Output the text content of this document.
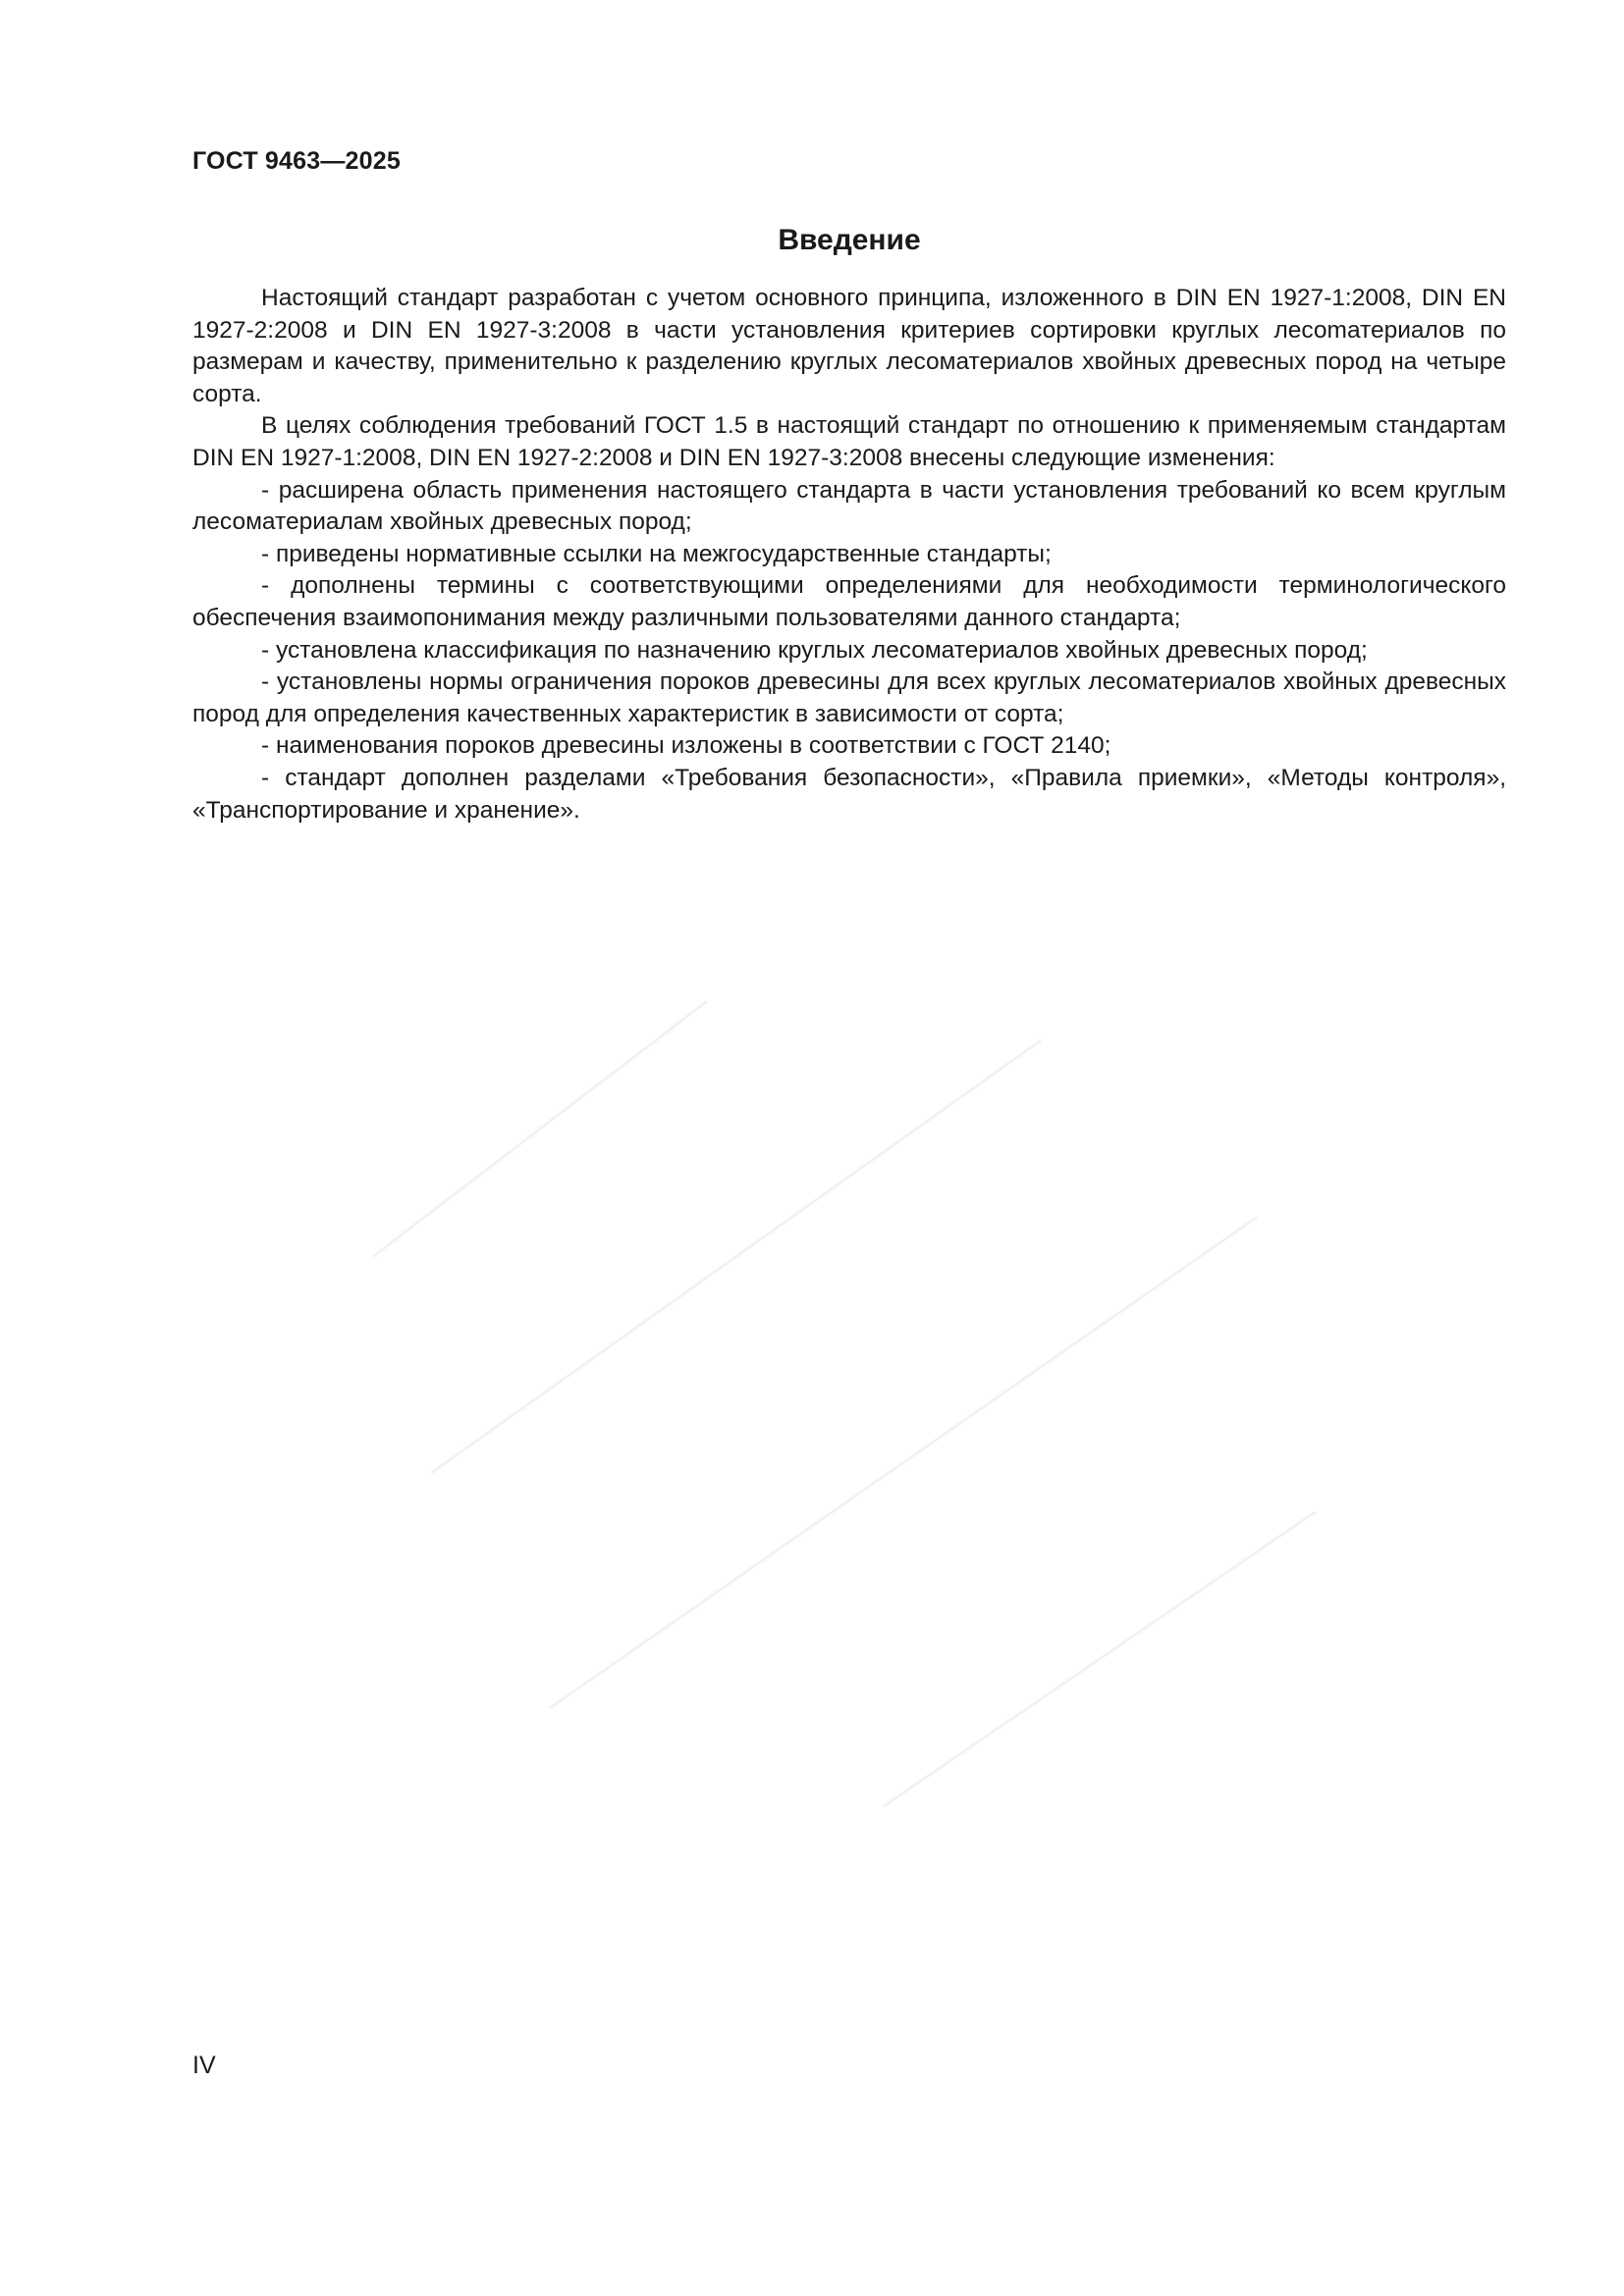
ГОСТ 9463—2025
Введение

Настоящий стандарт разработан с учетом основного принципа, изложенного в DIN EN 1927-1:2008, DIN EN 1927-2:2008 и DIN EN 1927-3:2008 в части установления критериев сортировки круглых лесоmатериалов по размерам и качеству, применительно к разделению круглых лесоматериалов хвойных древесных пород на четыре сорта.

В целях соблюдения требований ГОСТ 1.5 в настоящий стандарт по отношению к применяемым стандартам DIN EN 1927-1:2008, DIN EN 1927-2:2008 и DIN EN 1927-3:2008 внесены следующие изменения:

- расширена область применения настоящего стандарта в части установления требований ко всем круглым лесоматериалам хвойных древесных пород;

- приведены нормативные ссылки на межгосударственные стандарты;

- дополнены термины с соответствующими определениями для необходимости терминологического обеспечения взаимопонимания между различными пользователями данного стандарта;

- установлена классификация по назначению круглых лесоматериалов хвойных древесных пород;

- установлены нормы ограничения пороков древесины для всех круглых лесоматериалов хвойных древесных пород для определения качественных характеристик в зависимости от сорта;

- наименования пороков древесины изложены в соответствии с ГОСТ 2140;

- стандарт дополнен разделами «Требования безопасности», «Правила приемки», «Методы контроля», «Транспортирование и хранение».

IV
